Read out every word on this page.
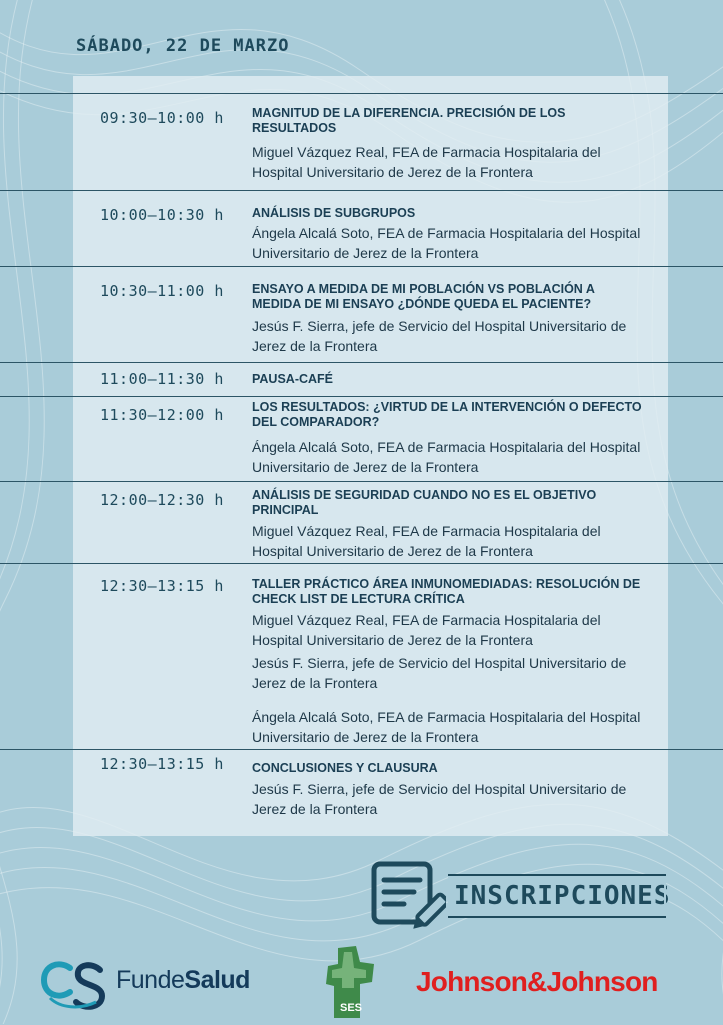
SÁBADO, 22 DE MARZO
09:30–10:00 h	MAGNITUD DE LA DIFERENCIA. PRECISIÓN DE LOS RESULTADOS
Miguel Vázquez Real, FEA de Farmacia Hospitalaria del Hospital Universitario de Jerez de la Frontera
10:00–10:30 h	ANÁLISIS DE SUBGRUPOS
Ángela Alcalá Soto, FEA de Farmacia Hospitalaria del Hospital Universitario de Jerez de la Frontera
10:30–11:00 h	ENSAYO A MEDIDA DE MI POBLACIÓN VS POBLACIÓN A MEDIDA DE MI ENSAYO ¿DÓNDE QUEDA EL PACIENTE?
Jesús F. Sierra, jefe de Servicio del Hospital Universitario de Jerez de la Frontera
11:00–11:30 h	PAUSA-CAFÉ
11:30–12:00 h	LOS RESULTADOS: ¿VIRTUD DE LA INTERVENCIÓN O DEFECTO DEL COMPARADOR?
Ángela Alcalá Soto, FEA de Farmacia Hospitalaria del Hospital Universitario de Jerez de la Frontera
12:00–12:30 h	ANÁLISIS DE SEGURIDAD CUANDO NO ES EL OBJETIVO PRINCIPAL
Miguel Vázquez Real, FEA de Farmacia Hospitalaria del Hospital Universitario de Jerez de la Frontera
12:30–13:15 h	TALLER PRÁCTICO ÁREA INMUNOMEDIADAS: RESOLUCIÓN DE CHECK LIST DE LECTURA CRÍTICA
Miguel Vázquez Real, FEA de Farmacia Hospitalaria del Hospital Universitario de Jerez de la Frontera
Jesús F. Sierra, jefe de Servicio del Hospital Universitario de Jerez de la Frontera
Ángela Alcalá Soto, FEA de Farmacia Hospitalaria del Hospital Universitario de Jerez de la Frontera
12:30–13:15 h	CONCLUSIONES Y CLAUSURA
Jesús F. Sierra, jefe de Servicio del Hospital Universitario de Jerez de la Frontera
INSCRIPCIONES
FundeSalud
SES
Johnson&Johnson
